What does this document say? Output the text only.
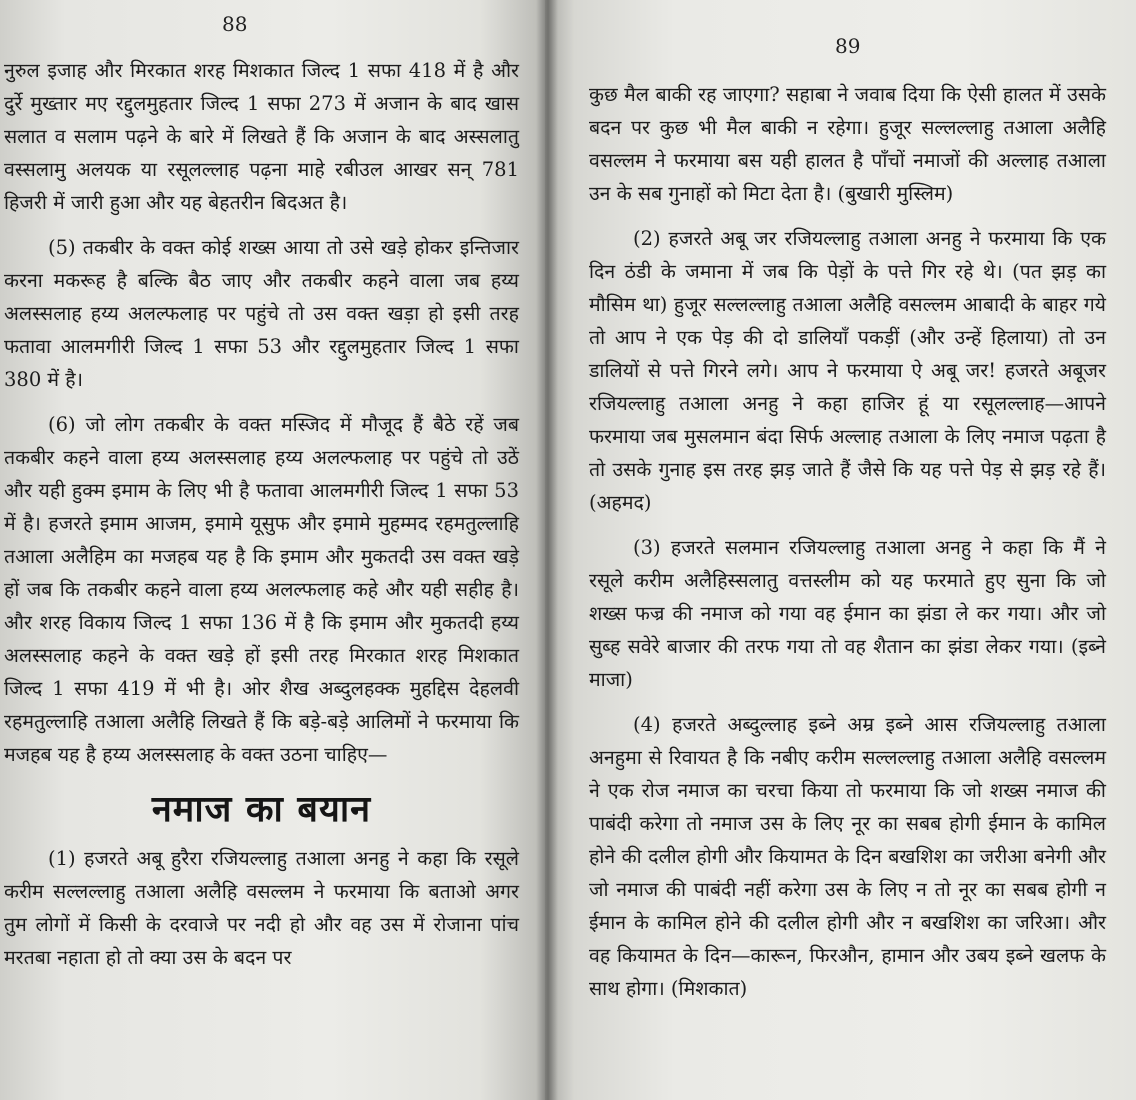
88

नुरुल इजाह और मिरकात शरह मिशकात जिल्द 1 सफा 418 में है और दुर्रे मुख्तार मए रद्दुलमुहतार जिल्द 1 सफा 273 में अजान के बाद खास सलात व सलाम पढ़ने के बारे में लिखते हैं कि अजान के बाद अस्सलातु वस्सलामु अलयक या रसूलल्लाह पढ़ना माहे रबीउल आखर सन् 781 हिजरी में जारी हुआ और यह बेहतरीन बिदअत है।

(5) तकबीर के वक्त कोई शख्स आया तो उसे खड़े होकर इन्तिजार करना मकरूह है बल्कि बैठ जाए और तकबीर कहने वाला जब हय्य अलस्सलाह हय्य अलल्फलाह पर पहुंचे तो उस वक्त खड़ा हो इसी तरह फतावा आलमगीरी जिल्द 1 सफा 53 और रद्दुलमुहतार जिल्द 1 सफा 380 में है।

(6) जो लोग तकबीर के वक्त मस्जिद में मौजूद हैं बैठे रहें जब तकबीर कहने वाला हय्य अलस्सलाह हय्य अलल्फलाह पर पहुंचे तो उठें और यही हुक्म इमाम के लिए भी है फतावा आलमगीरी जिल्द 1 सफा 53 में है। हजरते इमाम आजम, इमामे यूसुफ और इमामे मुहम्मद रहमतुल्लाहि तआला अलैहिम का मजहब यह है कि इमाम और मुकतदी उस वक्त खड़े हों जब कि तकबीर कहने वाला हय्य अलल्फलाह कहे और यही सहीह है। और शरह विकाय जिल्द 1 सफा 136 में है कि इमाम और मुकतदी हय्य अलस्सलाह कहने के वक्त खड़े हों इसी तरह मिरकात शरह मिशकात जिल्द 1 सफा 419 में भी है। ओर शैख अब्दुलहक्क मुहद्दिस देहलवी रहमतुल्लाहि तआला अलैहि लिखते हैं कि बड़े-बड़े आलिमों ने फरमाया कि मजहब यह है हय्य अलस्सलाह के वक्त उठना चाहिए—

नमाज का बयान

(1) हजरते अबू हुरैरा रजियल्लाहु तआला अनहु ने कहा कि रसूले करीम सल्लल्लाहु तआला अलैहि वसल्लम ने फरमाया कि बताओ अगर तुम लोगों में किसी के दरवाजे पर नदी हो और वह उस में रोजाना पांच मरतबा नहाता हो तो क्या उस के बदन पर

89

कुछ मैल बाकी रह जाएगा? सहाबा ने जवाब दिया कि ऐसी हालत में उसके बदन पर कुछ भी मैल बाकी न रहेगा। हुजूर सल्लल्लाहु तआला अलैहि वसल्लम ने फरमाया बस यही हालत है पाँचों नमाजों की अल्लाह तआला उन के सब गुनाहों को मिटा देता है। (बुखारी मुस्लिम)

(2) हजरते अबू जर रजियल्लाहु तआला अनहु ने फरमाया कि एक दिन ठंडी के जमाना में जब कि पेड़ों के पत्ते गिर रहे थे। (पत झड़ का मौसिम था) हुजूर सल्लल्लाहु तआला अलैहि वसल्लम आबादी के बाहर गये तो आप ने एक पेड़ की दो डालियाँ पकड़ीं (और उन्हें हिलाया) तो उन डालियों से पत्ते गिरने लगे। आप ने फरमाया ऐ अबू जर! हजरते अबूजर रजियल्लाहु तआला अनहु ने कहा हाजिर हूं या रसूलल्लाह—आपने फरमाया जब मुसलमान बंदा सिर्फ अल्लाह तआला के लिए नमाज पढ़ता है तो उसके गुनाह इस तरह झड़ जाते हैं जैसे कि यह पत्ते पेड़ से झड़ रहे हैं। (अहमद)

(3) हजरते सलमान रजियल्लाहु तआला अनहु ने कहा कि मैं ने रसूले करीम अलैहिस्सलातु वत्तस्लीम को यह फरमाते हुए सुना कि जो शख्स फज्र की नमाज को गया वह ईमान का झंडा ले कर गया। और जो सुब्ह सवेरे बाजार की तरफ गया तो वह शैतान का झंडा लेकर गया। (इब्ने माजा)

(4) हजरते अब्दुल्लाह इब्ने अम्र इब्ने आस रजियल्लाहु तआला अनहुमा से रिवायत है कि नबीए करीम सल्लल्लाहु तआला अलैहि वसल्लम ने एक रोज नमाज का चरचा किया तो फरमाया कि जो शख्स नमाज की पाबंदी करेगा तो नमाज उस के लिए नूर का सबब होगी ईमान के कामिल होने की दलील होगी और कियामत के दिन बखशिश का जरीआ बनेगी और जो नमाज की पाबंदी नहीं करेगा उस के लिए न तो नूर का सबब होगी न ईमान के कामिल होने की दलील होगी और न बखशिश का जरिआ। और वह कियामत के दिन—कारून, फिरऔन, हामान और उबय इब्ने खलफ के साथ होगा। (मिशकात)
